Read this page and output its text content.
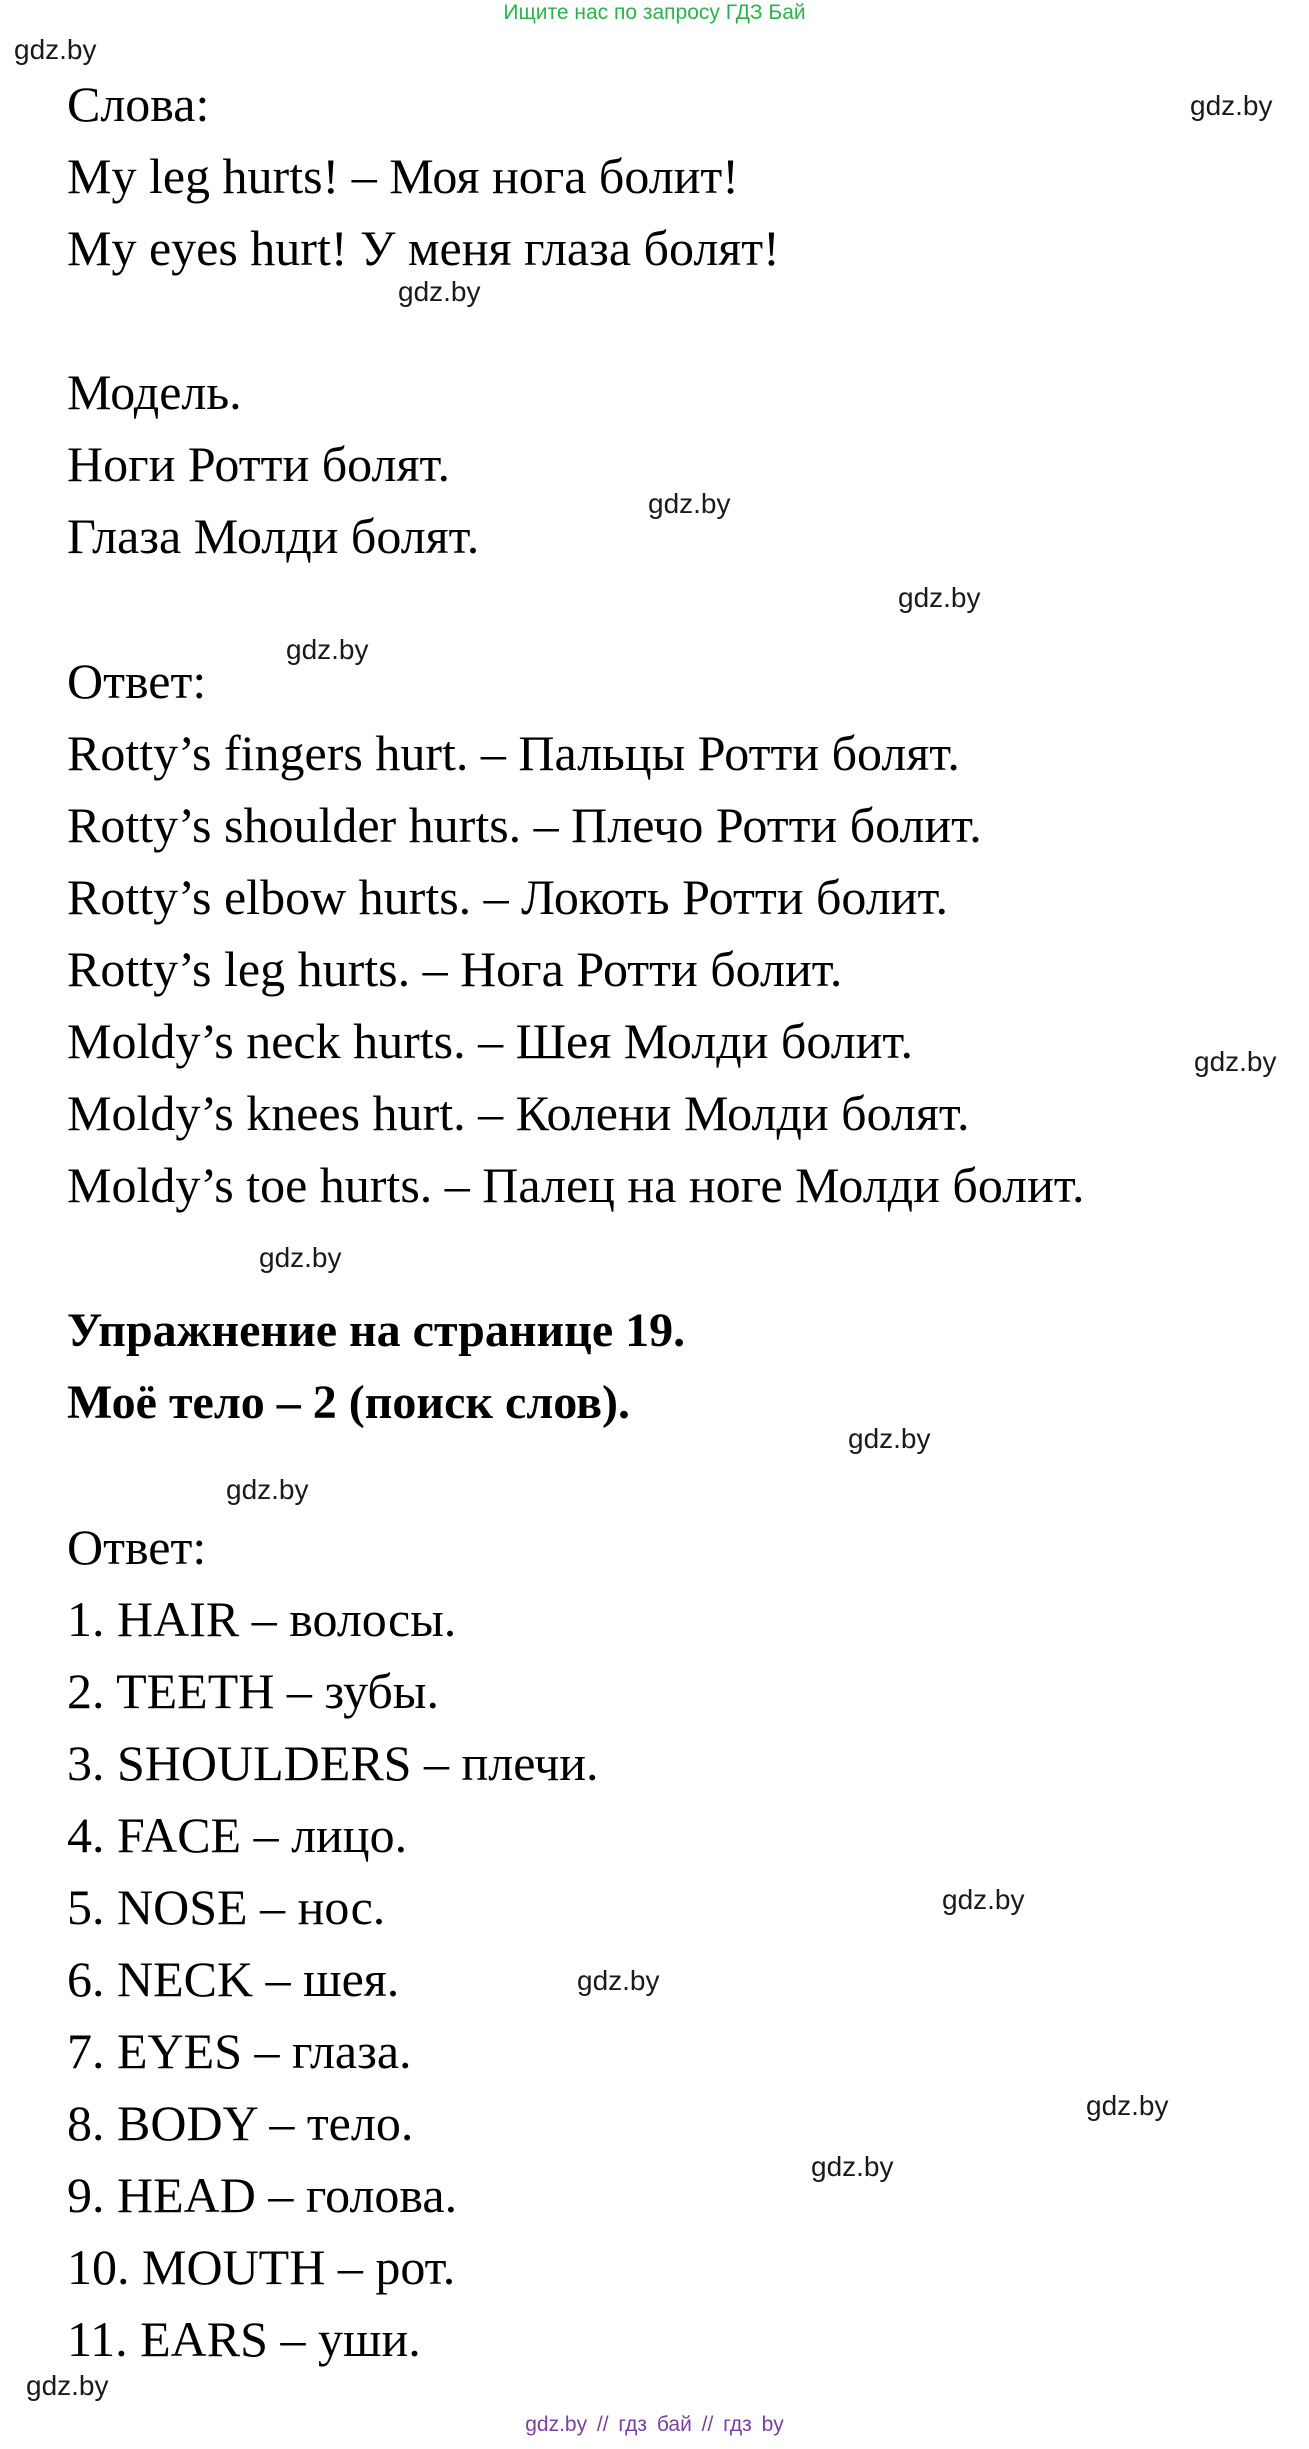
Ищите нас по запросу ГДЗ Бай
gdz.by
gdz.by
gdz.by
gdz.by
gdz.by
gdz.by
gdz.by
gdz.by
gdz.by
gdz.by
gdz.by
gdz.by
gdz.by
gdz.by
gdz.by
Слова:
My leg hurts! – Моя нога болит!
My eyes hurt! У меня глаза болят!
Модель.
Ноги Ротти болят.
Глаза Молди болят.
Ответ:
Rotty’s fingers hurt. – Пальцы Ротти болят.
Rotty’s shoulder hurts. – Плечо Ротти болит.
Rotty’s elbow hurts. – Локоть Ротти болит.
Rotty’s leg hurts. – Нога Ротти болит.
Moldy’s neck hurts. – Шея Молди болит.
Moldy’s knees hurt. – Колени Молди болят.
Moldy’s toe hurts. – Палец на ноге Молди болит.
Упражнение на странице 19.
Моё тело – 2 (поиск слов).
Ответ:
1. HAIR – волосы.
2. TEETH – зубы.
3. SHOULDERS – плечи.
4. FACE – лицо.
5. NOSE – нос.
6. NECK – шея.
7. EYES – глаза.
8. BODY – тело.
9. HEAD – голова.
10. MOUTH – рот.
11. EARS – уши.
gdz.by // гдз бай // гдз by
